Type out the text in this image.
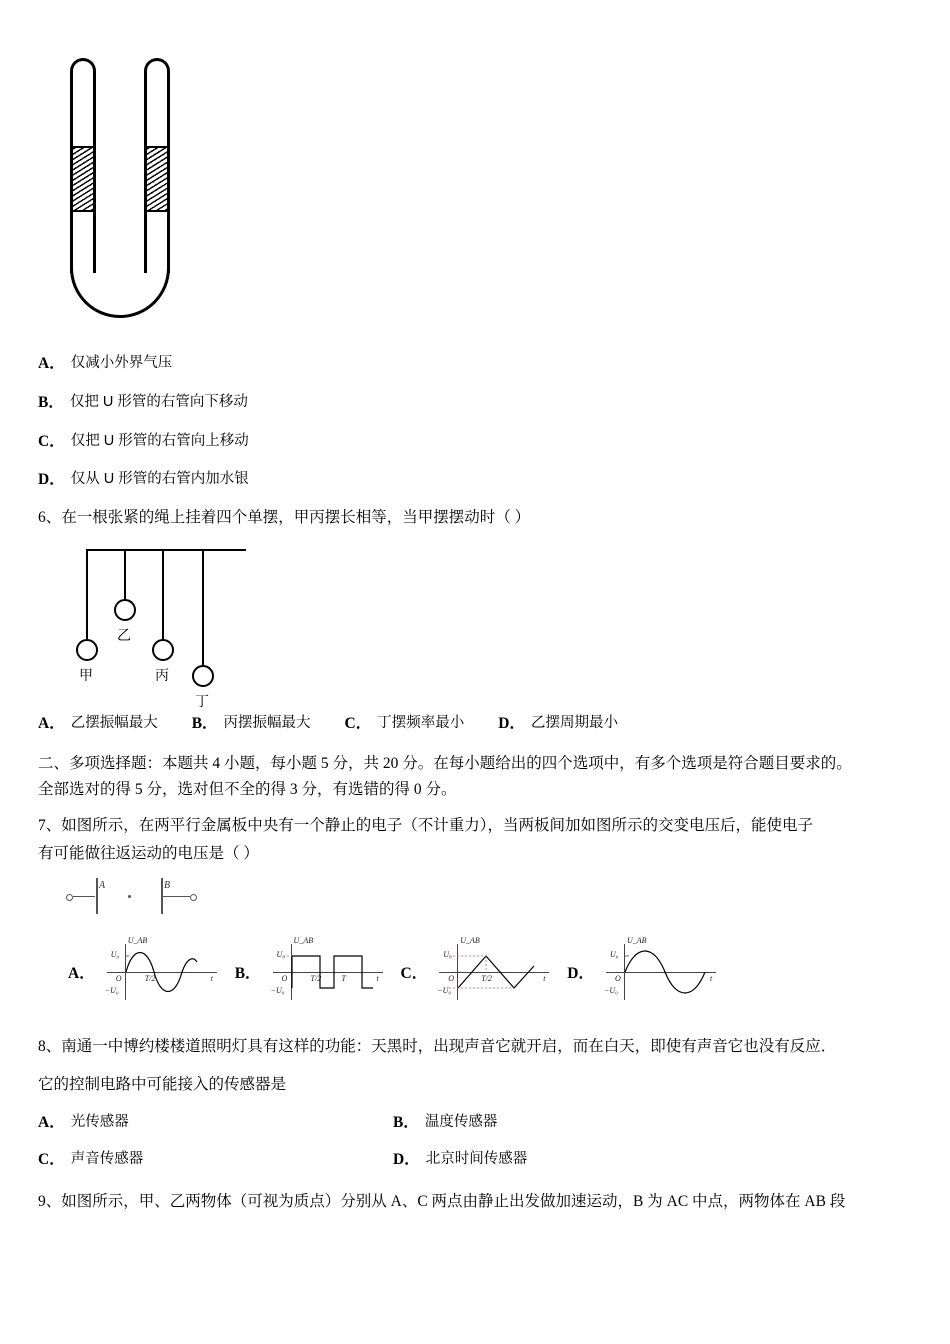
A． 仅减小外界气压
B． 仅把 U 形管的右管向下移动
C． 仅把 U 形管的右管向上移动
D． 仅从 U 形管的右管内加水银

6、在一根张紧的绳上挂着四个单摆，甲丙摆长相等，当甲摆摆动时（ ）

甲
乙
丙
丁
A． 乙摆振幅最大 B． 丙摆振幅最大 C． 丁摆频率最小 D． 乙摆周期最小
二、多项选择题：本题共 4 小题，每小题 5 分，共 20 分。在每小题给出的四个选项中，有多个选项是符合题目要求的。
全部选对的得 5 分，选对但不全的得 3 分，有选错的得 0 分。

7、如图所示，在两平行金属板中央有一个静止的电子（不计重力），当两板间加如图所示的交变电压后，能使电子

有可能做往返运动的电压是（ ）

A	B
A．
U_AB
U₀
−U₀
O	T/2	t B．
U_AB
U₀
−U₀
O	T/2	T	t C．
U_AB
U₀
−U₀
O	T/2	t D．
U_AB
U₀
−U₀
O	t

8、南通一中博约楼楼道照明灯具有这样的功能：天黑时，出现声音它就开启，而在白天，即使有声音它也没有反应．

它的控制电路中可能接入的传感器是

A． 光传感器	B． 温度传感器
C． 声音传感器	D． 北京时间传感器

9、如图所示，甲、乙两物体（可视为质点）分别从 A、C 两点由静止出发做加速运动，B 为 AC 中点，两物体在 AB 段
